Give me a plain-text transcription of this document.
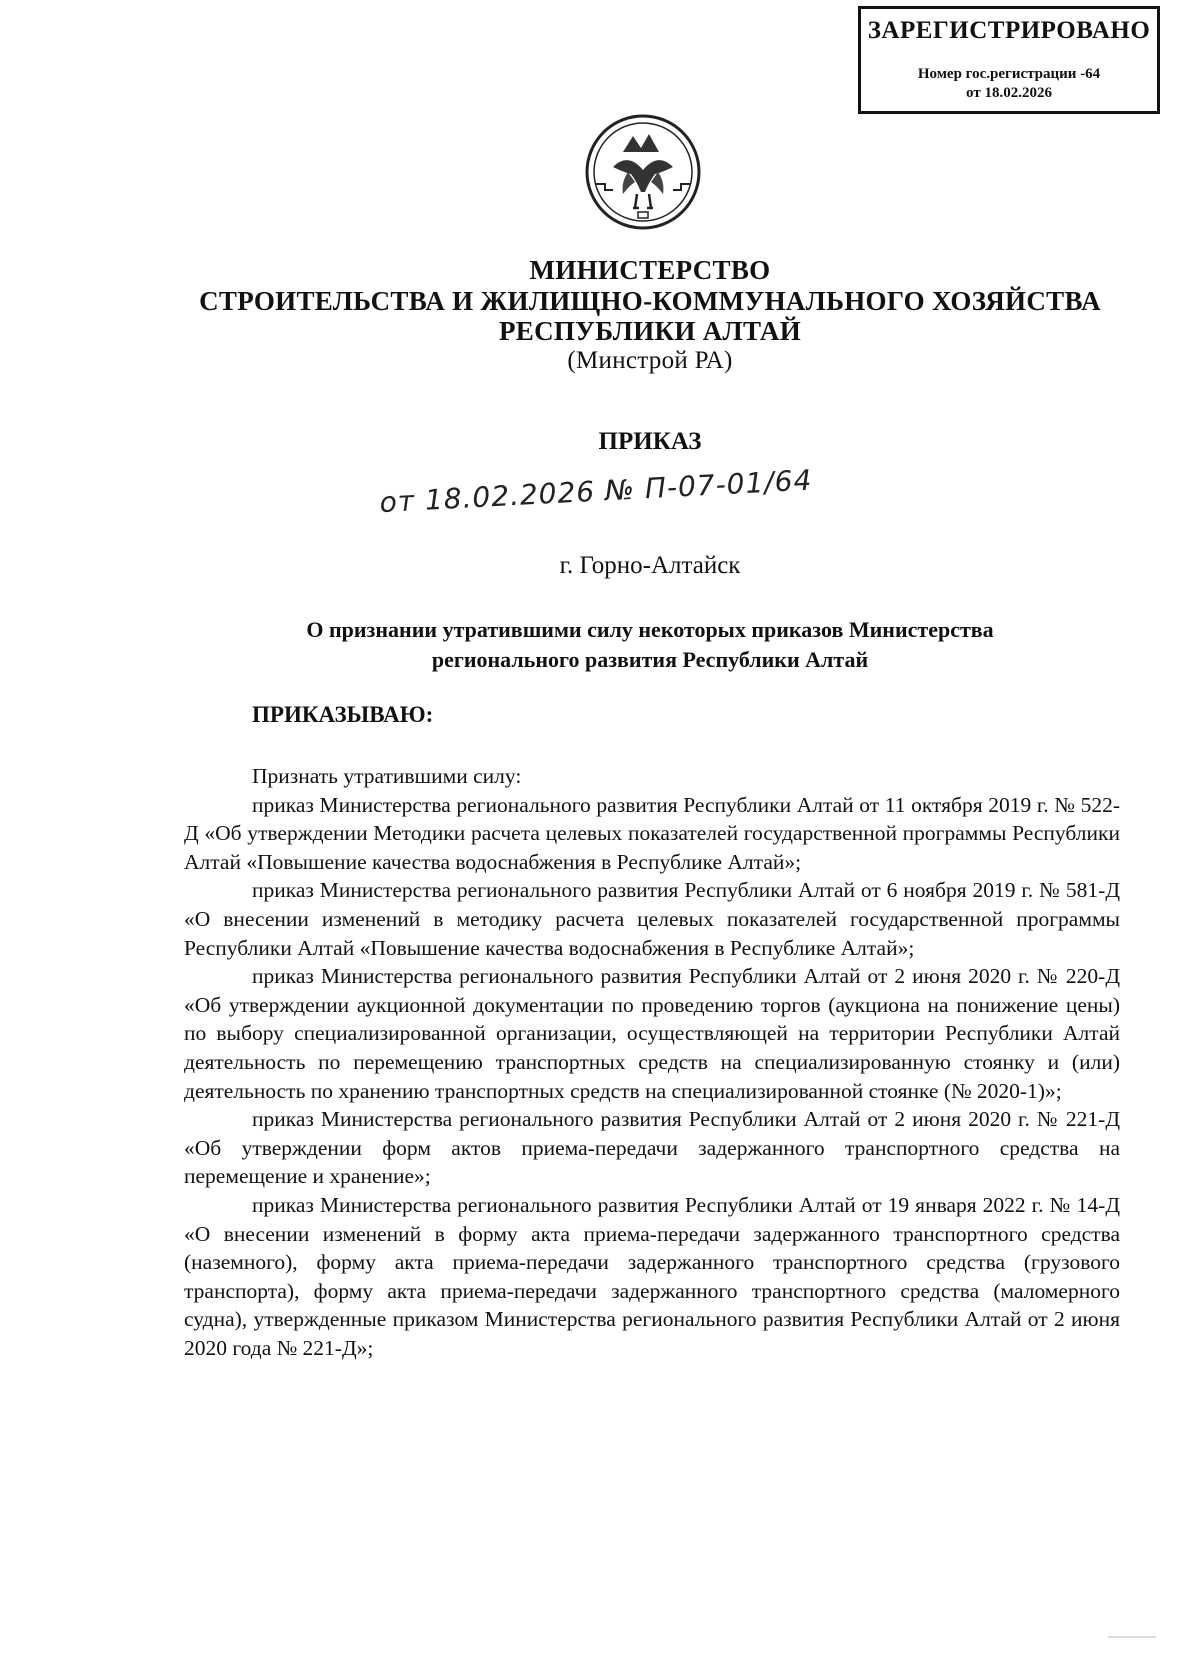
ЗАРЕГИСТРИРОВАНО
Номер гос.регистрации -64
от 18.02.2026
МИНИСТЕРСТВО
СТРОИТЕЛЬСТВА И ЖИЛИЩНО-КОММУНАЛЬНОГО ХОЗЯЙСТВА
РЕСПУБЛИКИ АЛТАЙ
(Минстрой РА)
ПРИКАЗ
от 18.02.2026 № П-07-01/64
г. Горно-Алтайск
О признании утратившими силу некоторых приказов Министерства
регионального развития Республики Алтай
ПРИКАЗЫВАЮ:

Признать утратившими силу:

приказ Министерства регионального развития Республики Алтай от 11 октября 2019 г. № 522-Д «Об утверждении Методики расчета целевых показателей государственной программы Республики Алтай «Повышение качества водоснабжения в Республике Алтай»;

приказ Министерства регионального развития Республики Алтай от 6 ноября 2019 г. № 581-Д «О внесении изменений в методику расчета целевых показателей государственной программы Республики Алтай «Повышение качества водоснабжения в Республике Алтай»;

приказ Министерства регионального развития Республики Алтай от 2 июня 2020 г. № 220-Д «Об утверждении аукционной документации по проведению торгов (аукциона на понижение цены) по выбору специализированной организации, осуществляющей на территории Республики Алтай деятельность по перемещению транспортных средств на специализированную стоянку и (или) деятельность по хранению транспортных средств на специализированной стоянке (№ 2020-1)»;

приказ Министерства регионального развития Республики Алтай от 2 июня 2020 г. № 221-Д «Об утверждении форм актов приема-передачи задержанного транспортного средства на перемещение и хранение»;

приказ Министерства регионального развития Республики Алтай от 19 января 2022 г. № 14-Д «О внесении изменений в форму акта приема-передачи задержанного транспортного средства (наземного), форму акта приема-передачи задержанного транспортного средства (грузового транспорта), форму акта приема-передачи задержанного транспортного средства (маломерного судна), утвержденные приказом Министерства регионального развития Республики Алтай от 2 июня 2020 года № 221-Д»;
